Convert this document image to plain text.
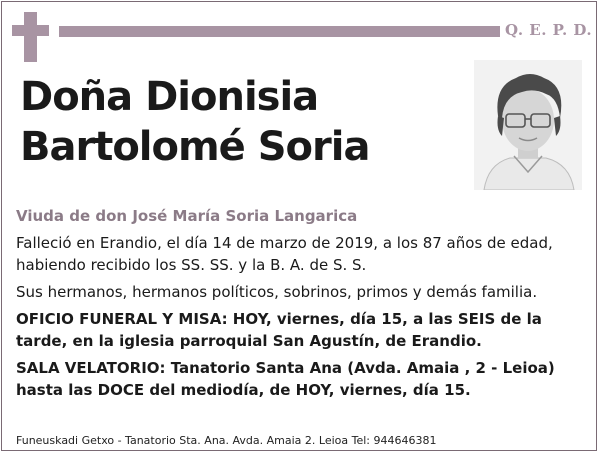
Q. E. P. D.
Doña Dionisia
Bartolomé Soria
Viuda de don José María Soria Langarica

Falleció en Erandio, el día 14 de marzo de 2019, a los 87 años de edad, habiendo recibido los SS. SS. y la B. A. de S. S.

Sus hermanos, hermanos políticos, sobrinos, primos y demás familia.

OFICIO FUNERAL Y MISA: HOY, viernes, día 15, a las SEIS de la tarde, en la iglesia parroquial San Agustín, de Erandio.

SALA VELATORIO: Tanatorio Santa Ana (Avda. Amaia , 2 - Leioa) hasta las DOCE del mediodía, de HOY, viernes, día 15.

Funeuskadi Getxo - Tanatorio Sta. Ana. Avda. Amaia 2. Leioa Tel: 944646381
